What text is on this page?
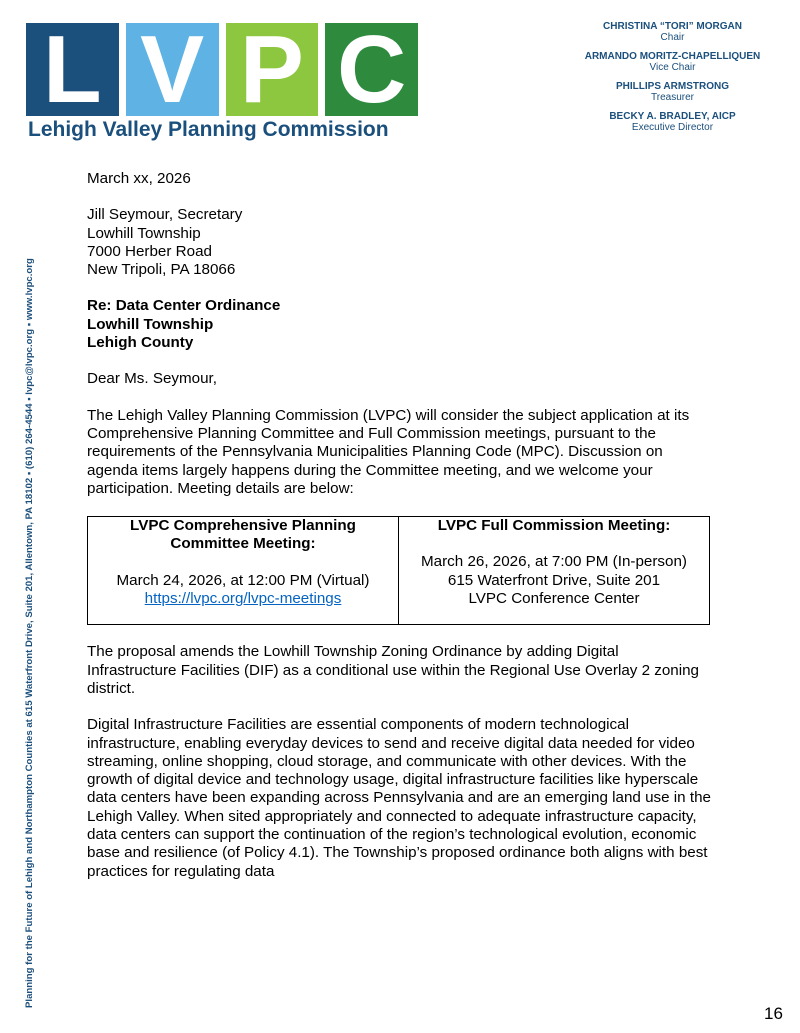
L V P C
Lehigh Valley Planning Commission
CHRISTINA “TORI” MORGAN
Chair
ARMANDO MORITZ-CHAPELLIQUEN
Vice Chair
PHILLIPS ARMSTRONG
Treasurer
BECKY A. BRADLEY, AICP
Executive Director
Planning for the Future of Lehigh and Northampton Counties at 615 Waterfront Drive, Suite 201, Allentown, PA 18102 ▪ (610) 264-4544 ▪ lvpc@lvpc.org ▪ www.lvpc.org

March xx, 2026

Jill Seymour, Secretary
Lowhill Township
7000 Herber Road
New Tripoli, PA 18066
Re: Data Center Ordinance
Lowhill Township
Lehigh County

Dear Ms. Seymour,

The Lehigh Valley Planning Commission (LVPC) will consider the subject application at its Comprehensive Planning Committee and Full Commission meetings, pursuant to the requirements of the Pennsylvania Municipalities Planning Code (MPC). Discussion on agenda items largely happens during the Committee meeting, and we welcome your participation. Meeting details are below:

LVPC Comprehensive Planning Committee Meeting:
March 24, 2026, at 12:00 PM (Virtual)
https://lvpc.org/lvpc-meetings	
LVPC Full Commission Meeting:
March 26, 2026, at 7:00 PM (In-person)
615 Waterfront Drive, Suite 201
LVPC Conference Center

The proposal amends the Lowhill Township Zoning Ordinance by adding Digital Infrastructure Facilities (DIF) as a conditional use within the Regional Use Overlay 2 zoning district.

Digital Infrastructure Facilities are essential components of modern technological infrastructure, enabling everyday devices to send and receive digital data needed for video streaming, online shopping, cloud storage, and communicate with other devices. With the growth of digital device and technology usage, digital infrastructure facilities like hyperscale data centers have been expanding across Pennsylvania and are an emerging land use in the Lehigh Valley. When sited appropriately and connected to adequate infrastructure capacity, data centers can support the continuation of the region’s technological evolution, economic base and resilience (of Policy 4.1). The Township’s proposed ordinance both aligns with best practices for regulating data

16
